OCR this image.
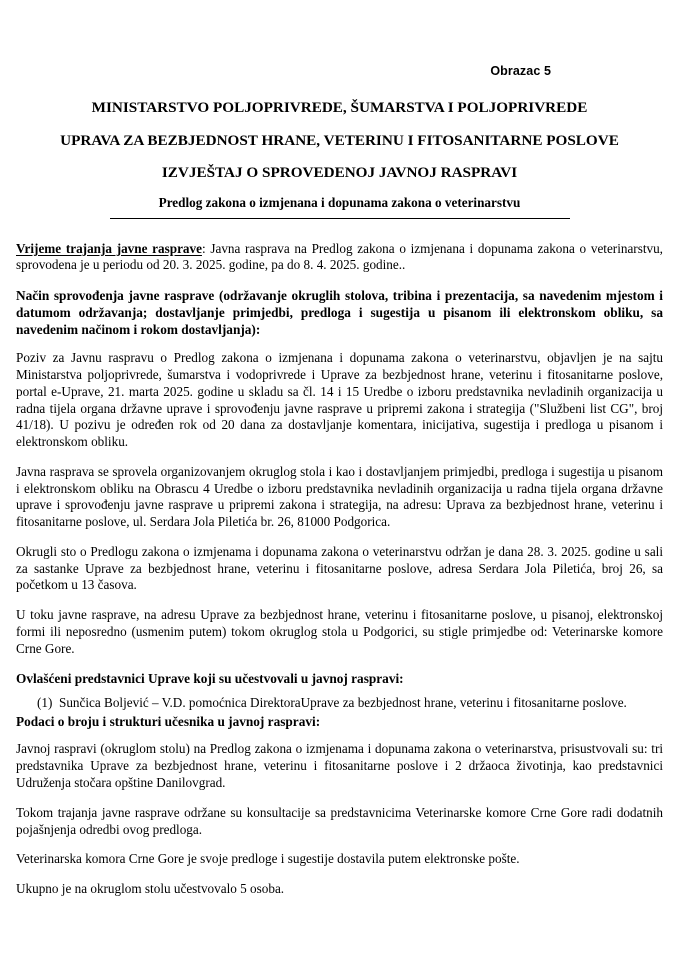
Obrazac 5
MINISTARSTVO POLJOPRIVREDE, ŠUMARSTVA I POLJOPRIVREDE
UPRAVA ZA BEZBJEDNOST HRANE, VETERINU I FITOSANITARNE POSLOVE
IZVJEŠTAJ O SPROVEDENOJ JAVNOJ RASPRAVI
Predlog zakona o izmjenana i dopunama zakona o veterinarstvu

Vrijeme trajanja javne rasprave: Javna rasprava na Predlog zakona o izmjenana i dopunama zakona o veterinarstvu, sprovodena je u periodu od 20. 3. 2025. godine, pa do 8. 4. 2025. godine..

Način sprovođenja javne rasprave (održavanje okruglih stolova, tribina i prezentacija, sa navedenim mjestom i datumom održavanja; dostavljanje primjedbi, predloga i sugestija u pisanom ili elektronskom obliku, sa navedenim načinom i rokom dostavljanja):

Poziv za Javnu raspravu o Predlog zakona o izmjenana i dopunama zakona o veterinarstvu, objavljen je na sajtu Ministarstva poljoprivrede, šumarstva i vodoprivrede i Uprave za bezbjednost hrane, veterinu i fitosanitarne poslove, portal e-Uprave, 21. marta 2025. godine u skladu sa čl. 14 i 15 Uredbe o izboru predstavnika nevladinih organizacija u radna tijela organa državne uprave i sprovođenju javne rasprave u pripremi zakona i strategija ("Službeni list CG", broj 41/18). U pozivu je određen rok od 20 dana za dostavljanje komentara, inicijativa, sugestija i predloga u pisanom i elektronskom obliku.

Javna rasprava se sprovela organizovanjem okruglog stola i kao i dostavljanjem primjedbi, predloga i sugestija u pisanom i elektronskom obliku na Obrascu 4 Uredbe o izboru predstavnika nevladinih organizacija u radna tijela organa državne uprave i sprovođenju javne rasprave u pripremi zakona i strategija, na adresu: Uprava za bezbjednost hrane, veterinu i fitosanitarne poslove, ul. Serdara Jola Piletića br. 26, 81000 Podgorica.

Okrugli sto o Predlogu zakona o izmjenama i dopunama zakona o veterinarstvu održan je dana 28. 3. 2025. godine u sali za sastanke Uprave za bezbjednost hrane, veterinu i fitosanitarne poslove, adresa Serdara Jola Piletića, broj 26, sa početkom u 13 časova.

U toku javne rasprave, na adresu Uprave za bezbjednost hrane, veterinu i fitosanitarne poslove, u pisanoj, elektronskoj formi ili neposredno (usmenim putem) tokom okruglog stola u Podgorici, su stigle primjedbe od: Veterinarske komore Crne Gore.

Ovlašćeni predstavnici Uprave koji su učestvovali u javnoj raspravi:

Sunčica Boljević – V.D. pomoćnica DirektoraUprave za bezbjednost hrane, veterinu i fitosanitarne poslove.

Podaci o broju i strukturi učesnika u javnoj raspravi:

Javnoj raspravi (okruglom stolu) na Predlog zakona o izmjenama i dopunama zakona o veterinarstva, prisustvovali su: tri predstavnika Uprave za bezbjednost hrane, veterinu i fitosanitarne poslove i 2 držaoca životinja, kao predstavnici Udruženja stočara opštine Danilovgrad.

Tokom trajanja javne rasprave održane su konsultacije sa predstavnicima Veterinarske komore Crne Gore radi dodatnih pojašnjenja odredbi ovog predloga.

Veterinarska komora Crne Gore je svoje predloge i sugestije dostavila putem elektronske pošte.

Ukupno je na okruglom stolu učestvovalo 5 osoba.
